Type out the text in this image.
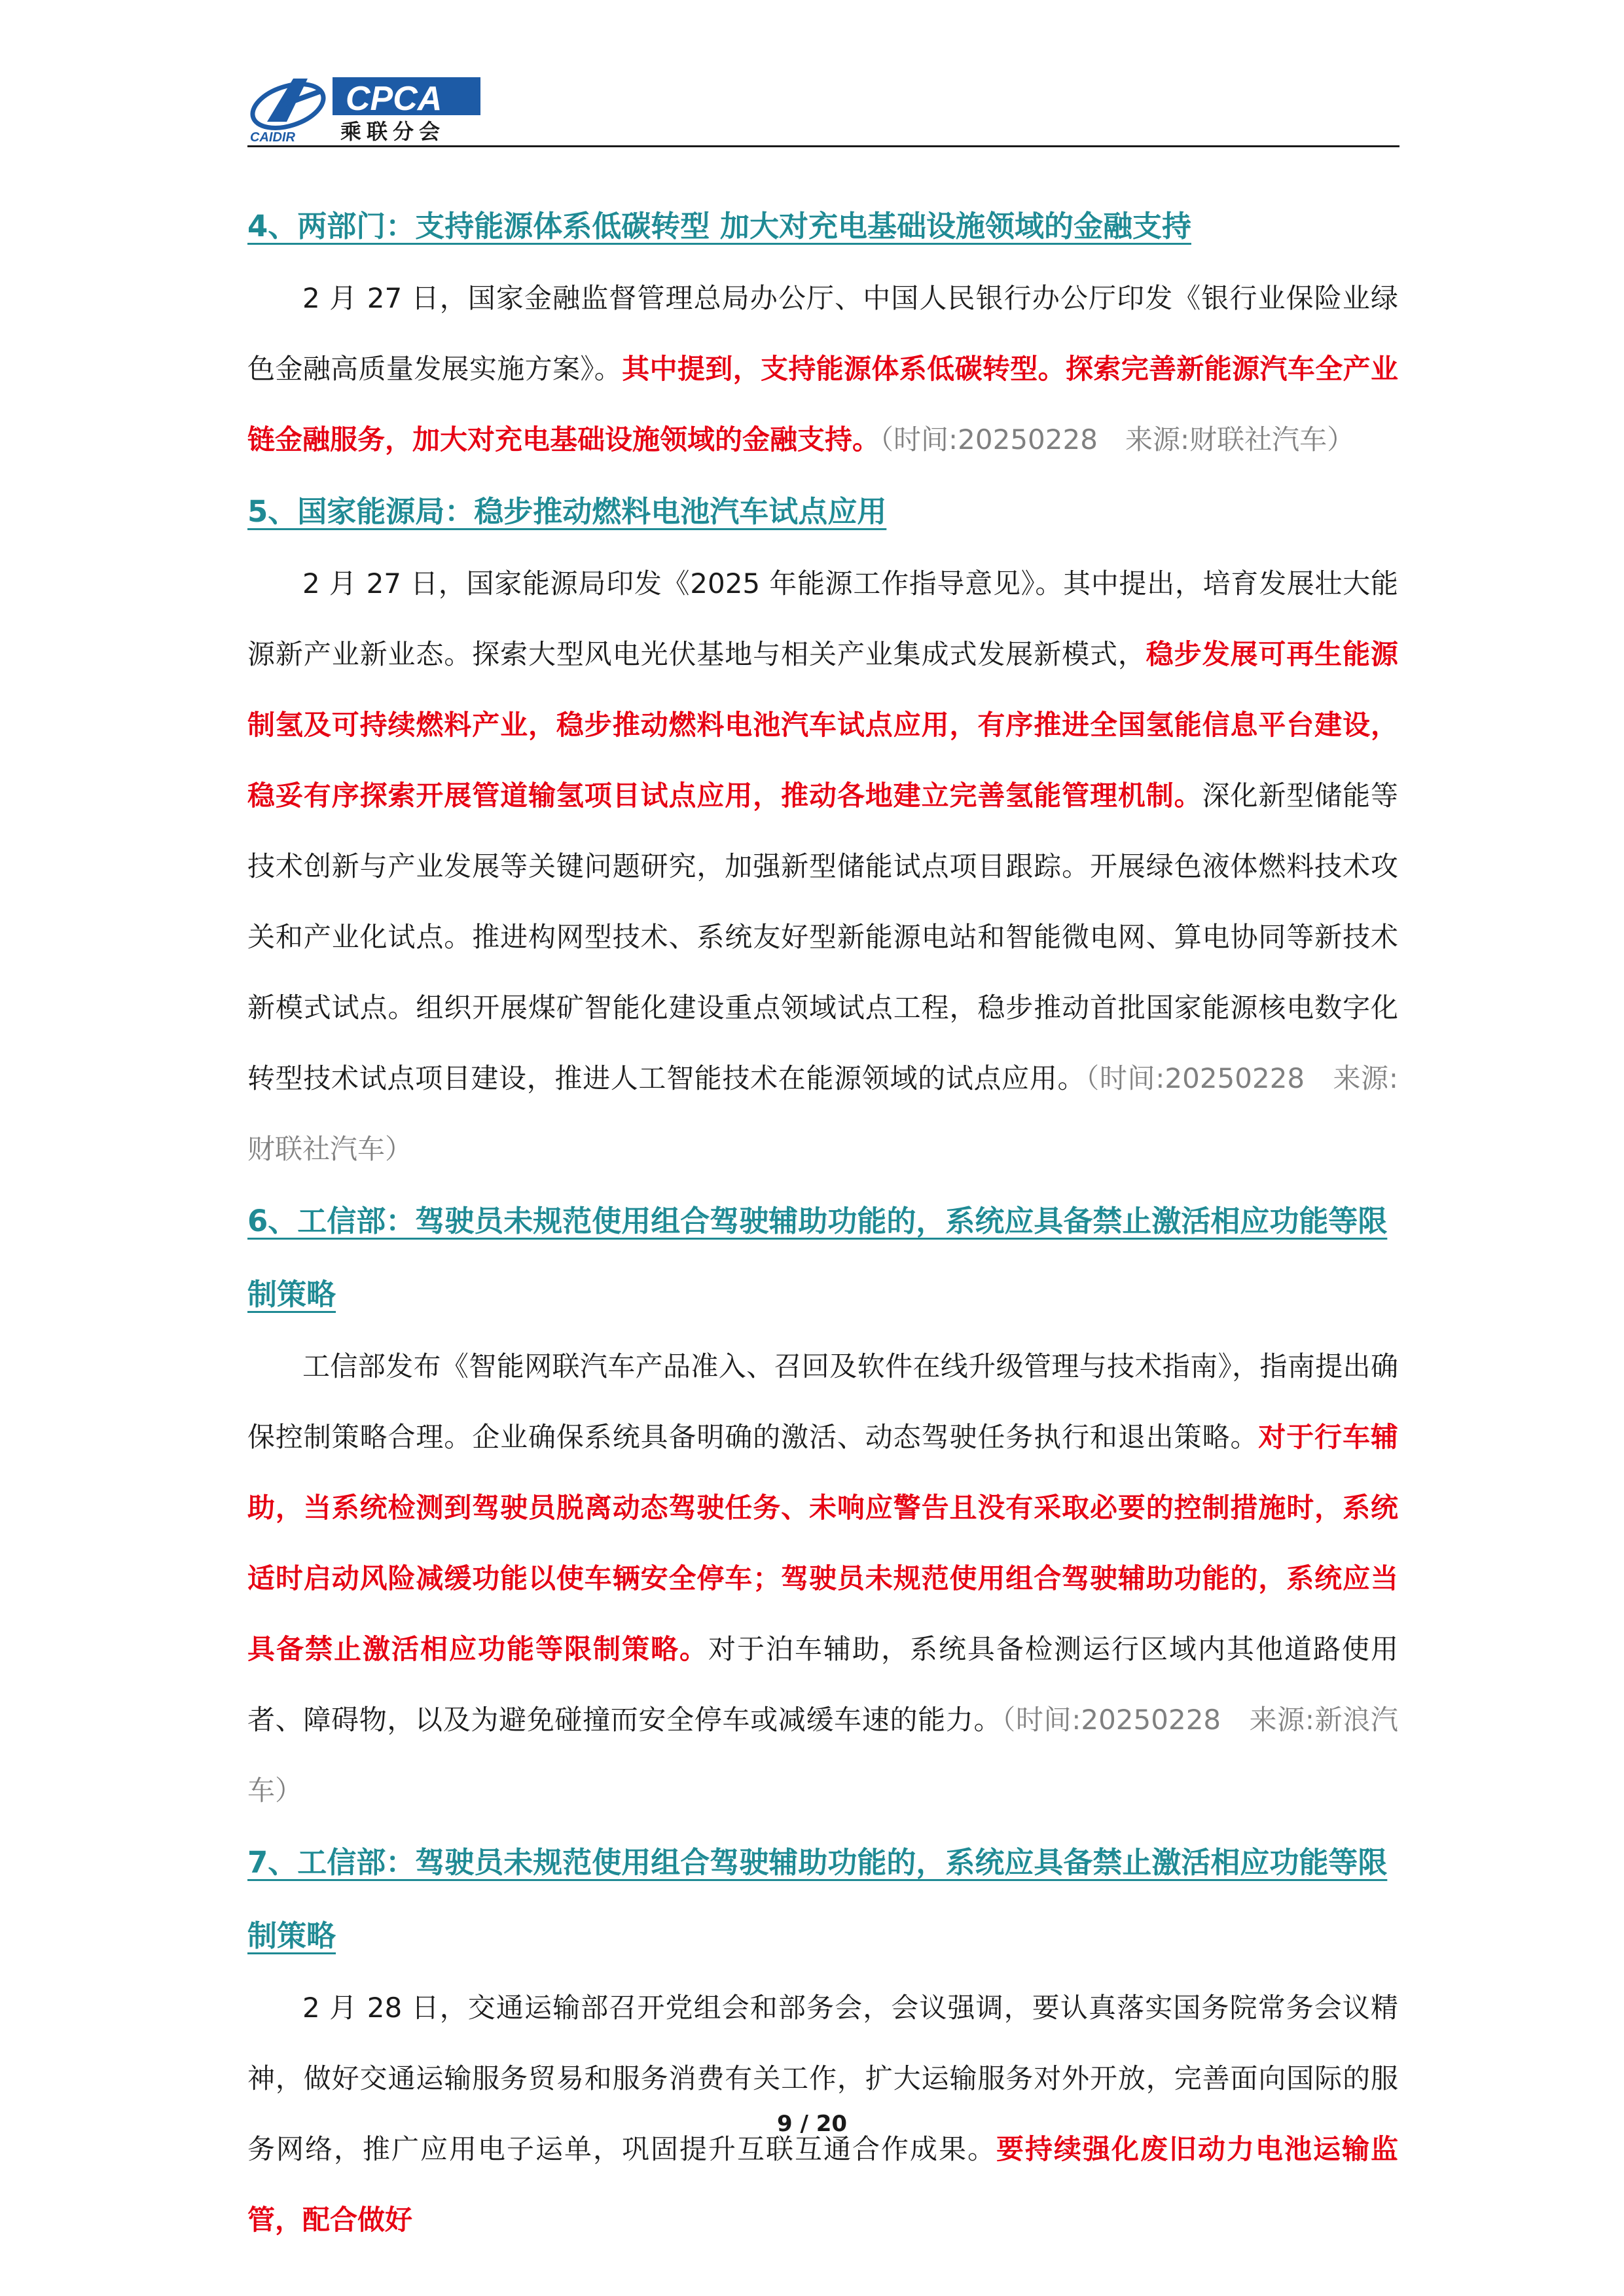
CAIDIR
CPCA
乘联分会
4、两部门：支持能源体系低碳转型 加大对充电基础设施领域的金融支持

2 月 27 日，国家金融监督管理总局办公厅、中国人民银行办公厅印发《银行业保险业绿色金融高质量发展实施方案》。其中提到，支持能源体系低碳转型。探索完善新能源汽车全产业链金融服务，加大对充电基础设施领域的金融支持。（时间:20250228　来源:财联社汽车）

5、国家能源局：稳步推动燃料电池汽车试点应用

2 月 27 日，国家能源局印发《2025 年能源工作指导意见》。其中提出，培育发展壮大能源新产业新业态。探索大型风电光伏基地与相关产业集成式发展新模式，稳步发展可再生能源制氢及可持续燃料产业，稳步推动燃料电池汽车试点应用，有序推进全国氢能信息平台建设，稳妥有序探索开展管道输氢项目试点应用，推动各地建立完善氢能管理机制。深化新型储能等技术创新与产业发展等关键问题研究，加强新型储能试点项目跟踪。开展绿色液体燃料技术攻关和产业化试点。推进构网型技术、系统友好型新能源电站和智能微电网、算电协同等新技术新模式试点。组织开展煤矿智能化建设重点领域试点工程，稳步推动首批国家能源核电数字化转型技术试点项目建设，推进人工智能技术在能源领域的试点应用。（时间:20250228　来源:财联社汽车）

6、工信部：驾驶员未规范使用组合驾驶辅助功能的，系统应具备禁止激活相应功能等限制策略

工信部发布《智能网联汽车产品准入、召回及软件在线升级管理与技术指南》，指南提出确保控制策略合理。企业确保系统具备明确的激活、动态驾驶任务执行和退出策略。对于行车辅助，当系统检测到驾驶员脱离动态驾驶任务、未响应警告且没有采取必要的控制措施时，系统适时启动风险减缓功能以使车辆安全停车；驾驶员未规范使用组合驾驶辅助功能的，系统应当具备禁止激活相应功能等限制策略。对于泊车辅助，系统具备检测运行区域内其他道路使用者、障碍物，以及为避免碰撞而安全停车或减缓车速的能力。（时间:20250228　来源:新浪汽车）

7、工信部：驾驶员未规范使用组合驾驶辅助功能的，系统应具备禁止激活相应功能等限制策略

2 月 28 日，交通运输部召开党组会和部务会，会议强调，要认真落实国务院常务会议精神，做好交通运输服务贸易和服务消费有关工作，扩大运输服务对外开放，完善面向国际的服务网络，推广应用电子运单，巩固提升互联互通合作成果。要持续强化废旧动力电池运输监管，配合做好

9 / 20
